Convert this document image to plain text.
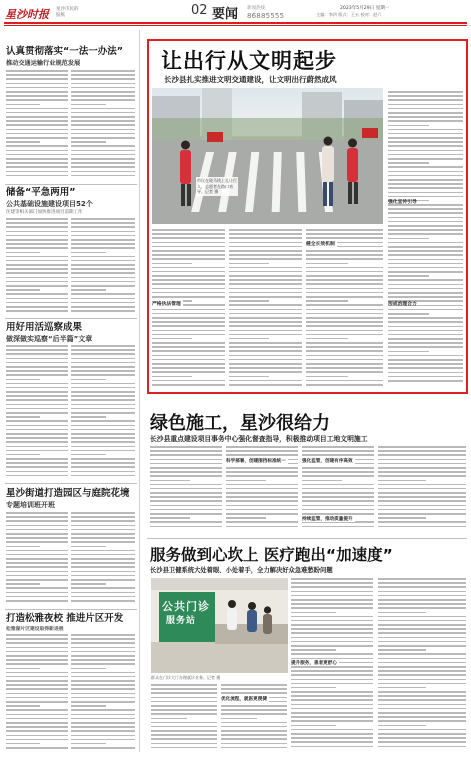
星沙时报 星沙市民的报纸	02 要闻 新闻热线
86885555
2023年5月29日 星期一
主编：李四 版式：王五 校对：赵六
认真贯彻落实“一法一办法”
推动交通运输行业规范发展
储备“平急两用”
公共基础设施建设项目52个
住建等相关部门加快推进项目前期工作
用好用活巡察成果
做深做实巡察“后半篇”文章
星沙街道打造园区与庭院花境
专题培训班开班
打造松雅夜校 推进片区开发
松雅湖片区建设取得新进展
让出行从文明起步
长沙县扎实推进文明交通建设，让文明出行蔚然成风
市民在斑马线上礼让行人，志愿者在路口劝导。记者 摄
强化宣传引导
形成治理合力
严格执法管理
健全长效机制
绿色施工，星沙很给力
长沙县重点建设项目事务中心强化督查指导，积极推动项目工地文明施工
科学部署，创建围挡标准统一	强化监管，创建有序高效
持续监管，推动质量提升
服务做到心坎上 医疗跑出“加速度”
长沙县卫健系统大处着眼、小处着手，全力解决好众急难愁盼问题
公共门诊
服务站
群众在门诊大厅办理就诊业务。记者 摄
优化流程，就医更便捷
提升服务，患者更舒心
